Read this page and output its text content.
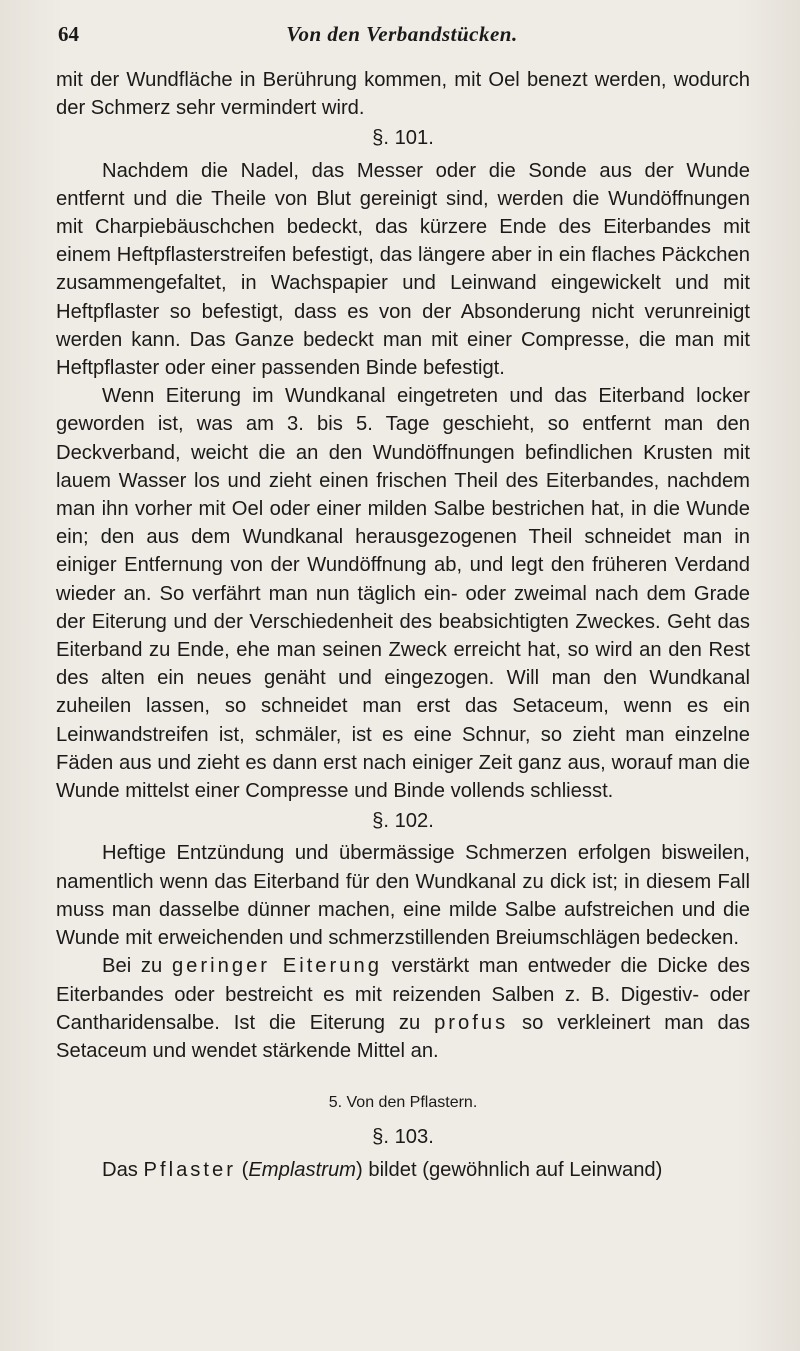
64	Von den Verbandstücken.

mit der Wundfläche in Berührung kommen, mit Oel benezt werden, wodurch der Schmerz sehr vermindert wird.

§. 101.

Nachdem die Nadel, das Messer oder die Sonde aus der Wunde entfernt und die Theile von Blut gereinigt sind, werden die Wundöffnungen mit Charpiebäuschchen bedeckt, das kürzere Ende des Eiterbandes mit einem Heftpflasterstreifen befestigt, das längere aber in ein flaches Päckchen zusammengefaltet, in Wachspapier und Leinwand eingewickelt und mit Heftpflaster so befestigt, dass es von der Absonderung nicht verunreinigt werden kann. Das Ganze bedeckt man mit einer Compresse, die man mit Heftpflaster oder einer passenden Binde befestigt.

Wenn Eiterung im Wundkanal eingetreten und das Eiterband locker geworden ist, was am 3. bis 5. Tage geschieht, so entfernt man den Deckverband, weicht die an den Wundöffnungen befindlichen Krusten mit lauem Wasser los und zieht einen frischen Theil des Eiterbandes, nachdem man ihn vorher mit Oel oder einer milden Salbe bestrichen hat, in die Wunde ein; den aus dem Wundkanal herausgezogenen Theil schneidet man in einiger Entfernung von der Wundöffnung ab, und legt den früheren Verdand wieder an. So verfährt man nun täglich ein- oder zweimal nach dem Grade der Eiterung und der Verschiedenheit des beabsichtigten Zweckes. Geht das Eiterband zu Ende, ehe man seinen Zweck erreicht hat, so wird an den Rest des alten ein neues genäht und eingezogen. Will man den Wundkanal zuheilen lassen, so schneidet man erst das Setaceum, wenn es ein Leinwandstreifen ist, schmäler, ist es eine Schnur, so zieht man einzelne Fäden aus und zieht es dann erst nach einiger Zeit ganz aus, worauf man die Wunde mittelst einer Compresse und Binde vollends schliesst.

§. 102.

Heftige Entzündung und übermässige Schmerzen erfolgen bisweilen, namentlich wenn das Eiterband für den Wundkanal zu dick ist; in diesem Fall muss man dasselbe dünner machen, eine milde Salbe aufstreichen und die Wunde mit erweichenden und schmerzstillenden Breiumschlägen bedecken.

Bei zu geringer Eiterung verstärkt man entweder die Dicke des Eiterbandes oder bestreicht es mit reizenden Salben z. B. Digestiv- oder Cantharidensalbe. Ist die Eiterung zu profus so verkleinert man das Setaceum und wendet stärkende Mittel an.

5. Von den Pflastern.

§. 103.

Das Pflaster (Emplastrum) bildet (gewöhnlich auf Leinwand)
